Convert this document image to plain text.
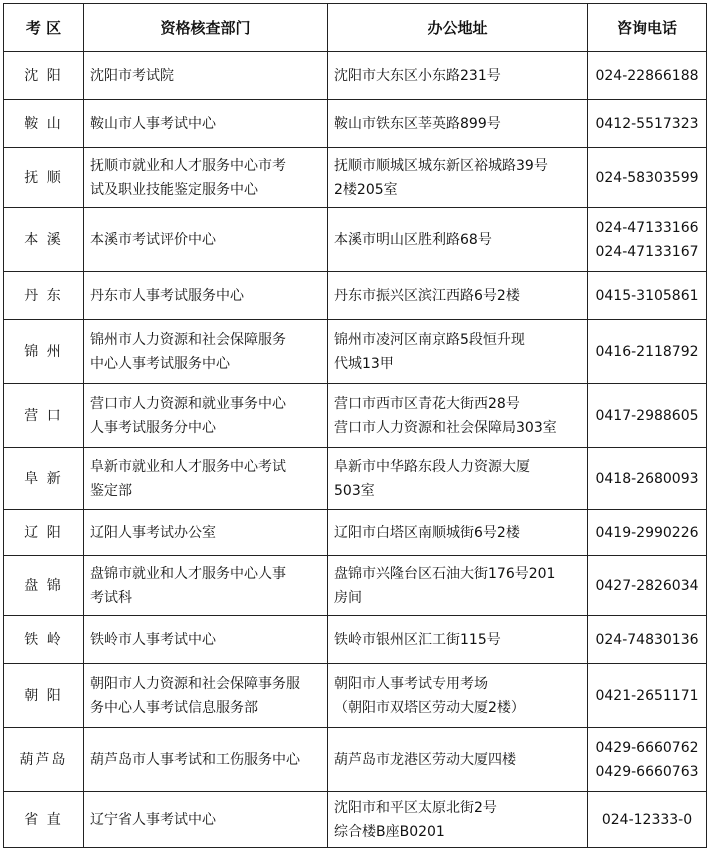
考 区	资格核查部门	办公地址	咨询电话
沈 阳	沈阳市考试院	沈阳市大东区小东路231号	024-22866188

鞍 山	鞍山市人事考试中心	鞍山市铁东区莘英路899号	0412-5517323

抚 顺	抚顺市就业和人才服务中心市考
试及职业技能鉴定服务中心	抚顺市顺城区城东新区裕城路39号
2楼205室	024-58303599

本 溪	本溪市考试评价中心	本溪市明山区胜利路68号	024-47133166
024-47133167

丹 东	丹东市人事考试服务中心	丹东市振兴区滨江西路6号2楼	0415-3105861

锦 州	锦州市人力资源和社会保障服务
中心人事考试服务中心	锦州市凌河区南京路5段恒升现
代城13甲	0416-2118792

营 口	营口市人力资源和就业事务中心
人事考试服务分中心	营口市西市区青花大街西28号
营口市人力资源和社会保障局303室	0417-2988605

阜 新	阜新市就业和人才服务中心考试
鉴定部	阜新市中华路东段人力资源大厦
503室	0418-2680093

辽 阳	辽阳人事考试办公室	辽阳市白塔区南顺城街6号2楼	0419-2990226

盘 锦	盘锦市就业和人才服务中心人事
考试科	盘锦市兴隆台区石油大街176号201
房间	0427-2826034

铁 岭	铁岭市人事考试中心	铁岭市银州区汇工街115号	024-74830136

朝 阳	朝阳市人力资源和社会保障事务服
务中心人事考试信息服务部	朝阳市人事考试专用考场
（朝阳市双塔区劳动大厦2楼）	0421-2651171

葫芦岛	葫芦岛市人事考试和工伤服务中心	葫芦岛市龙港区劳动大厦四楼	0429-6660762
0429-6660763

省 直	辽宁省人事考试中心	沈阳市和平区太原北街2号
综合楼B座B0201	024-12333-0
